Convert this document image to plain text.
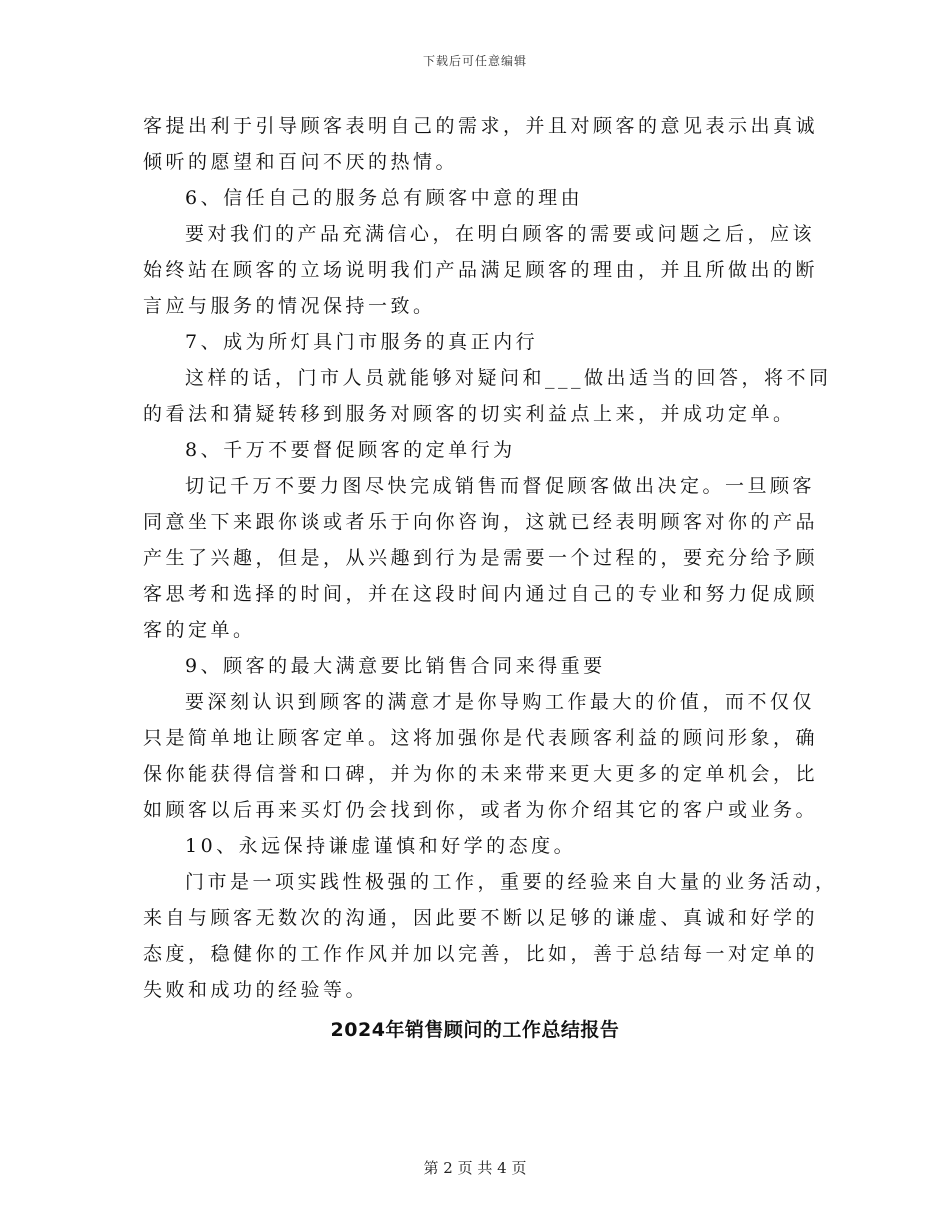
下载后可任意编辑
客提出利于引导顾客表明自己的需求，并且对顾客的意见表示出真诚
倾听的愿望和百问不厌的热情。
6、信任自己的服务总有顾客中意的理由
要对我们的产品充满信心，在明白顾客的需要或问题之后，应该
始终站在顾客的立场说明我们产品满足顾客的理由，并且所做出的断
言应与服务的情况保持一致。
7、成为所灯具门市服务的真正内行
这样的话，门市人员就能够对疑问和___做出适当的回答，将不同
的看法和猜疑转移到服务对顾客的切实利益点上来，并成功定单。
8、千万不要督促顾客的定单行为
切记千万不要力图尽快完成销售而督促顾客做出决定。一旦顾客
同意坐下来跟你谈或者乐于向你咨询，这就已经表明顾客对你的产品
产生了兴趣，但是，从兴趣到行为是需要一个过程的，要充分给予顾
客思考和选择的时间，并在这段时间内通过自己的专业和努力促成顾
客的定单。
9、顾客的最大满意要比销售合同来得重要
要深刻认识到顾客的满意才是你导购工作最大的价值，而不仅仅
只是简单地让顾客定单。这将加强你是代表顾客利益的顾问形象，确
保你能获得信誉和口碑，并为你的未来带来更大更多的定单机会，比
如顾客以后再来买灯仍会找到你，或者为你介绍其它的客户或业务。
10、永远保持谦虚谨慎和好学的态度。
门市是一项实践性极强的工作，重要的经验来自大量的业务活动，
来自与顾客无数次的沟通，因此要不断以足够的谦虚、真诚和好学的
态度，稳健你的工作作风并加以完善，比如，善于总结每一对定单的
失败和成功的经验等。
2024年销售顾问的工作总结报告
第 2 页 共 4 页
